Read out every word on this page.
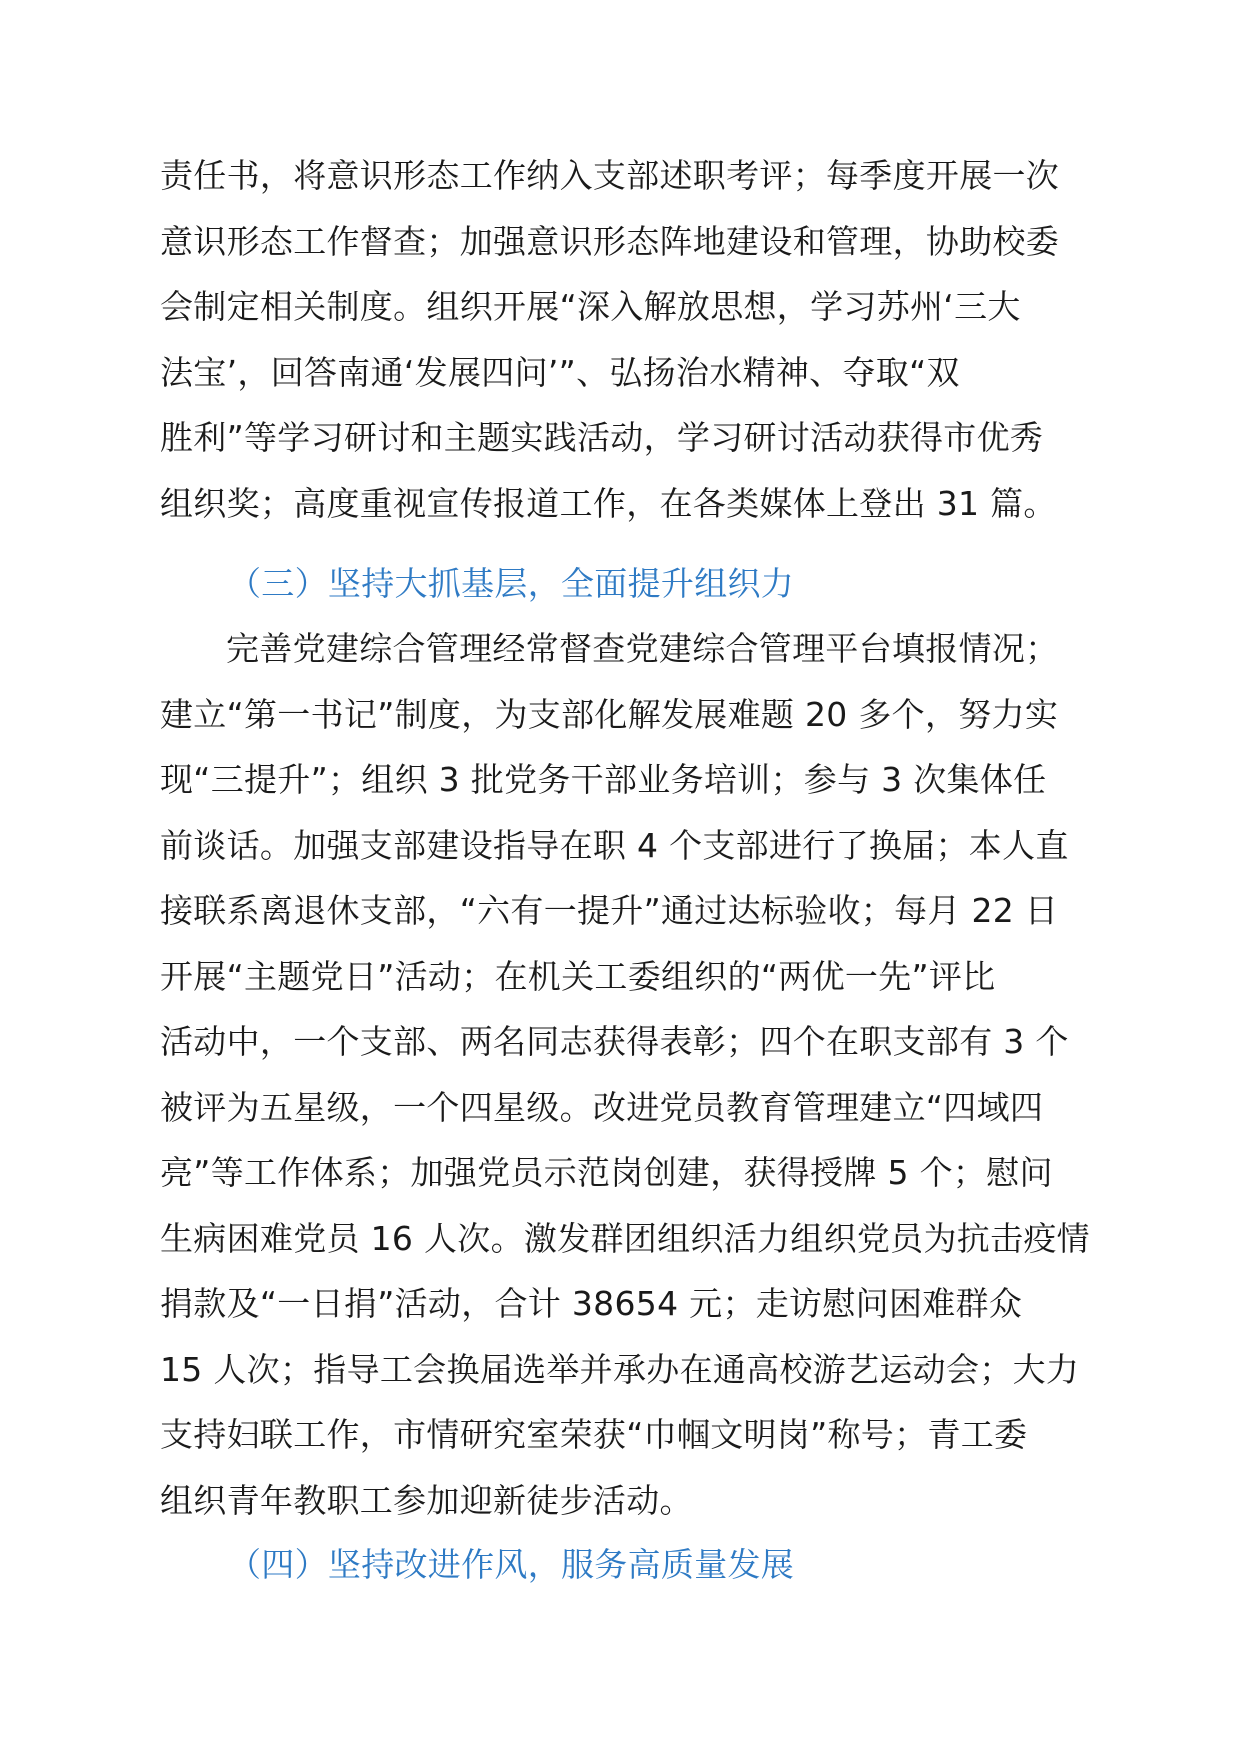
责任书，将意识形态工作纳入支部述职考评；每季度开展一次
意识形态工作督查；加强意识形态阵地建设和管理，协助校委
会制定相关制度。组织开展“深入解放思想，学习苏州‘三大
法宝’，回答南通‘发展四问’”、弘扬治水精神、夺取“双
胜利”等学习研讨和主题实践活动，学习研讨活动获得市优秀
组织奖；高度重视宣传报道工作，在各类媒体上登出 31 篇。
（三）坚持大抓基层，全面提升组织力
完善党建综合管理经常督查党建综合管理平台填报情况；
建立“第一书记”制度，为支部化解发展难题 20 多个，努力实
现“三提升”；组织 3 批党务干部业务培训；参与 3 次集体任
前谈话。加强支部建设指导在职 4 个支部进行了换届；本人直
接联系离退休支部，“六有一提升”通过达标验收；每月 22 日
开展“主题党日”活动；在机关工委组织的“两优一先”评比
活动中，一个支部、两名同志获得表彰；四个在职支部有 3 个
被评为五星级，一个四星级。改进党员教育管理建立“四域四
亮”等工作体系；加强党员示范岗创建，获得授牌 5 个；慰问
生病困难党员 16 人次。激发群团组织活力组织党员为抗击疫情
捐款及“一日捐”活动，合计 38654 元；走访慰问困难群众
15 人次；指导工会换届选举并承办在通高校游艺运动会；大力
支持妇联工作，市情研究室荣获“巾帼文明岗”称号；青工委
组织青年教职工参加迎新徒步活动。
（四）坚持改进作风，服务高质量发展
